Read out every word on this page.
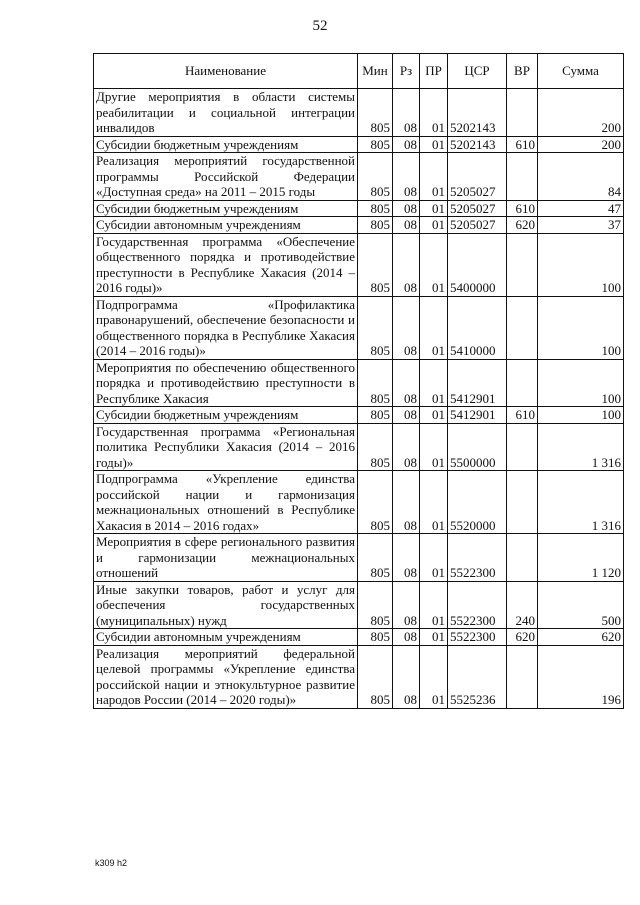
52
Наименование	Мин	Рз	ПР	ЦСР	ВР	Сумма
Другие мероприятия в области системы реабилитации и социальной интеграции инвалидов	805	08	01	5202143		200
Субсидии бюджетным учреждениям	805	08	01	5202143	610	200
Реализация мероприятий государственной программы Российской Федерации «Доступная среда» на 2011 – 2015 годы	805	08	01	5205027		84
Субсидии бюджетным учреждениям	805	08	01	5205027	610	47
Субсидии автономным учреждениям	805	08	01	5205027	620	37
Государственная программа «Обеспечение общественного порядка и противодействие преступности в Республике Хакасия (2014 – 2016 годы)»	805	08	01	5400000		100
Подпрограмма «Профилактика правонарушений, обеспечение безопасности и общественного порядка в Республике Хакасия (2014 – 2016 годы)»	805	08	01	5410000		100
Мероприятия по обеспечению общественного порядка и противодействию преступности в Республике Хакасия	805	08	01	5412901		100
Субсидии бюджетным учреждениям	805	08	01	5412901	610	100
Государственная программа «Региональная политика Республики Хакасия (2014 – 2016 годы)»	805	08	01	5500000		1 316
Подпрограмма «Укрепление единства российской нации и гармонизация межнациональных отношений в Республике Хакасия в 2014 – 2016 годах»	805	08	01	5520000		1 316
Мероприятия в сфере регионального развития и гармонизации межнациональных отношений	805	08	01	5522300		1 120
Иные закупки товаров, работ и услуг для обеспечения государственных (муниципальных) нужд	805	08	01	5522300	240	500
Субсидии автономным учреждениям	805	08	01	5522300	620	620
Реализация мероприятий федеральной целевой программы «Укрепление единства российской нации и этнокультурное развитие народов России (2014 – 2020 годы)»	805	08	01	5525236		196
k309 h2
